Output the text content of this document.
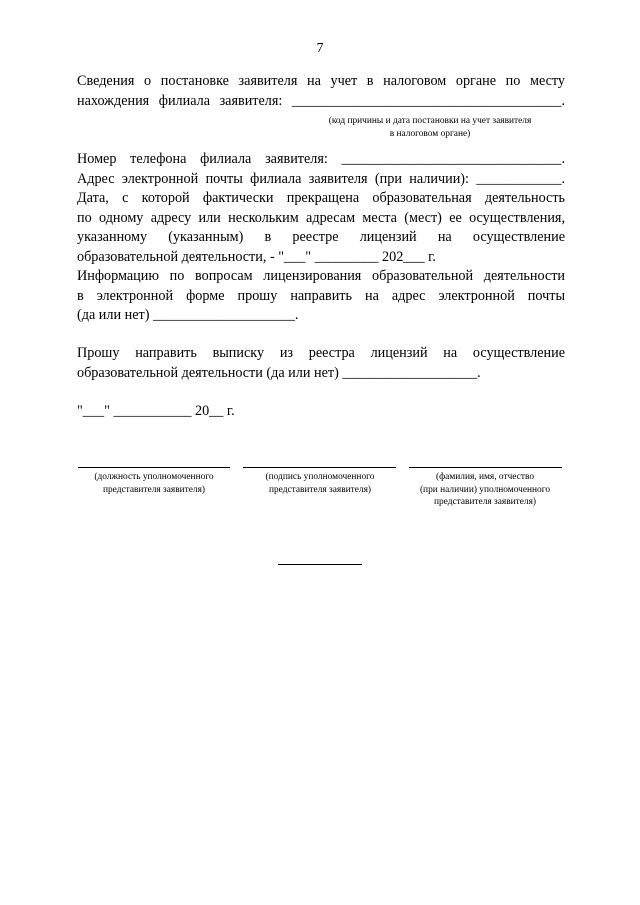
7
Сведения о постановке заявителя на учет в налоговом органе по месту
нахождения филиала заявителя: ______________________________________.
(код причины и дата постановки на учет заявителя
в налоговом органе)
Номер телефона филиала заявителя: _______________________________.
Адрес электронной почты филиала заявителя (при наличии): ____________.
Дата, с которой фактически прекращена образовательная деятельность
по одному адресу или нескольким адресам места (мест) ее осуществления,
указанному (указанным) в реестре лицензий на осуществление
образовательной деятельности, - "___" _________ 202___ г.
Информацию по вопросам лицензирования образовательной деятельности
в электронной форме прошу направить на адрес электронной почты
(да или нет) ____________________.
Прошу направить выписку из реестра лицензий на осуществление
образовательной деятельности (да или нет) ___________________.
"___" ___________ 20__ г.
(должность уполномоченного
представителя заявителя)
(подпись уполномоченного
представителя заявителя)
(фамилия, имя, отчество
(при наличии) уполномоченного
представителя заявителя)
